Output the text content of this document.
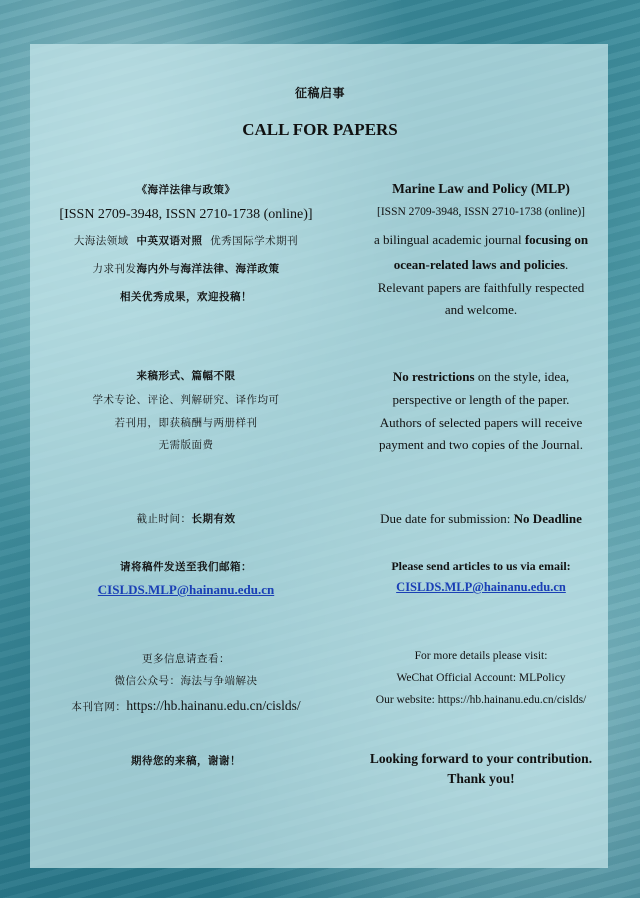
征稿启事
CALL FOR PAPERS
《海洋法律与政策》
[ISSN 2709-3948, ISSN 2710-1738 (online)]
大海法领域 中英双语对照 优秀国际学术期刊
力求刊发海内外与海洋法律、海洋政策
相关优秀成果，欢迎投稿！
来稿形式、篇幅不限
学术专论、评论、判解研究、译作均可
若刊用，即获稿酬与两册样刊
无需版面费
截止时间：长期有效
请将稿件发送至我们邮箱：
CISLDS.MLP@hainanu.edu.cn
更多信息请查看：
微信公众号：海法与争端解决
本刊官网：https://hb.hainanu.edu.cn/cislds/
期待您的来稿，谢谢！
Marine Law and Policy (MLP)
[ISSN 2709-3948, ISSN 2710-1738 (online)]
a bilingual academic journal focusing on
ocean-related laws and policies.
Relevant papers are faithfully respected
and welcome.
No restrictions on the style, idea,
perspective or length of the paper.
Authors of selected papers will receive
payment and two copies of the Journal.
Due date for submission: No Deadline
Please send articles to us via email:
CISLDS.MLP@hainanu.edu.cn
For more details please visit:
WeChat Official Account: MLPolicy
Our website: https://hb.hainanu.edu.cn/cislds/
Looking forward to your contribution.
Thank you!
